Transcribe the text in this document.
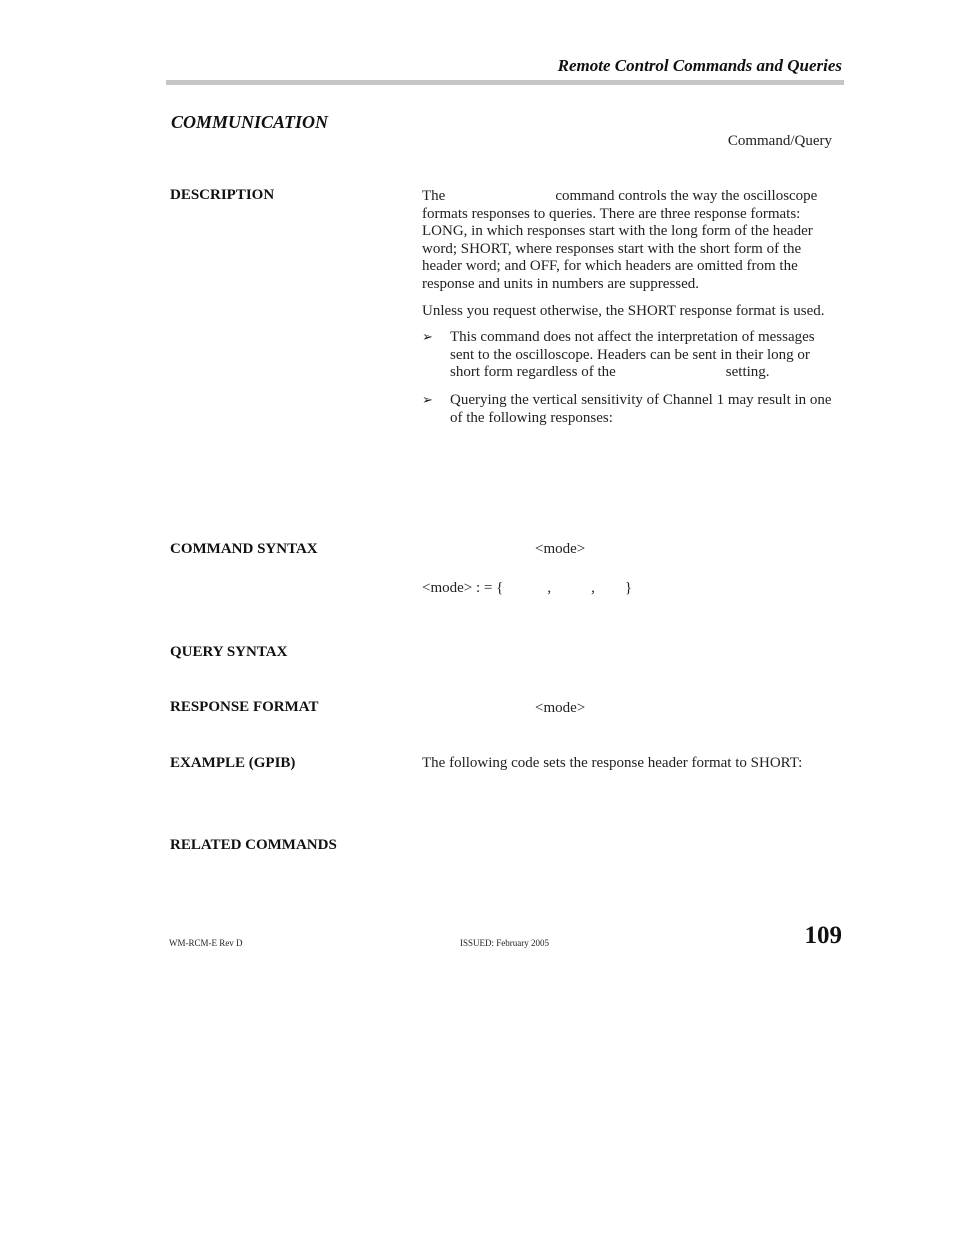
Remote Control Commands and Queries
COMMUNICATION
Command/Query
DESCRIPTION	The	command controls the way the oscilloscope formats responses to queries. There are three response formats: LONG, in which responses start with the long form of the header word; SHORT, where responses start with the short form of the header word; and OFF, for which headers are omitted from the response and units in numbers are suppressed.

Unless you request otherwise, the SHORT response format is used.

➢ This command does not affect the interpretation of messages sent to the oscilloscope. Headers can be sent in their long or short form regardless of the	setting.
➢ Querying the vertical sensitivity of Channel 1 may result in one of the following responses:
COMMAND SYNTAX	<mode>
<mode> : = {	,	, }
QUERY SYNTAX
RESPONSE FORMAT	<mode>
EXAMPLE (GPIB)	The following code sets the response header format to SHORT:
RELATED COMMANDS
WM-RCM-E Rev D	ISSUED: February 2005	109
